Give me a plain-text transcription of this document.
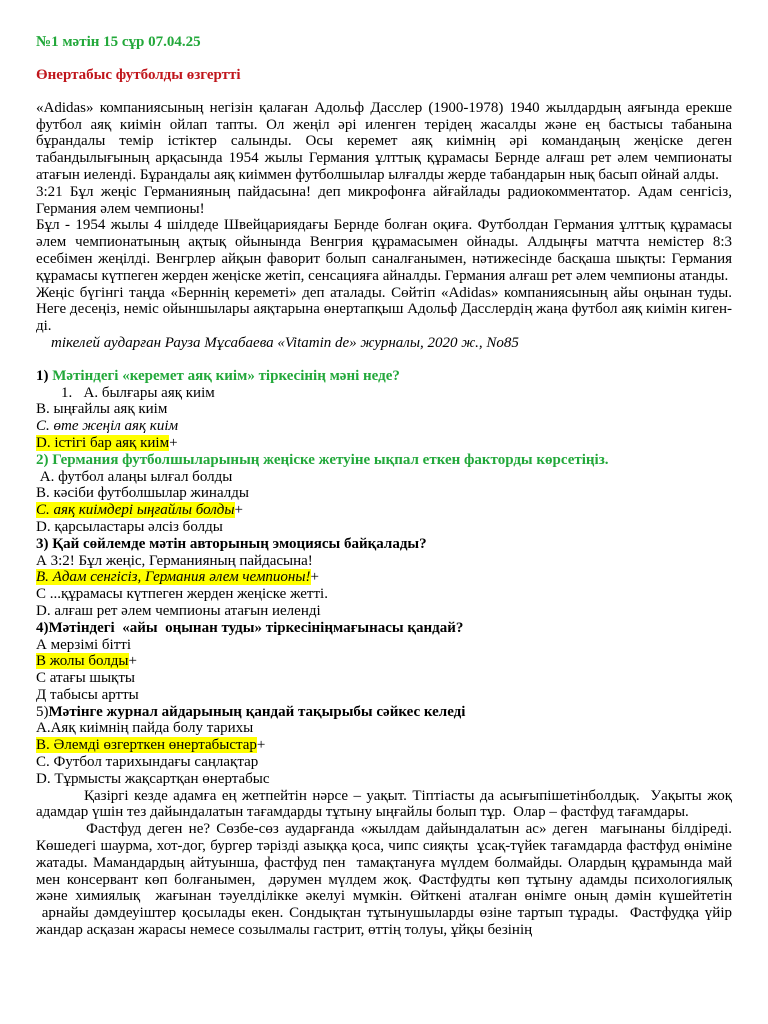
№1 мәтін 15 сұр 07.04.25

Өнертабыс футболды өзгертті

«Adidas» компаниясының негізін қалаған Адольф Дасслер (1900-1978) 1940 жылдардың аяғында ерекше футбол аяқ киімін ойлап тапты. Ол жеңіл әрі иленген терідең жасалды және ең бастысы табанына бұрандалы темір істіктер салынды. Осы керемет аяқ киімнің әрі командаңың жеңіске деген табандылығының арқасында 1954 жылы Германия ұлттық құрамасы Бернде алғаш рет әлем чемпионаты атағын иеленді. Бұрандалы аяқ киіммен футболшылар ылғалды жерде табандарын нық басып ойнай алды.

3:21 Бұл жеңіс Германияның пайдасына! деп микрофонға айғайлады радиокомментатор. Адам сенгісіз, Германия әлем чемпионы!

Бұл - 1954 жылы 4 шілдеде Швейцариядағы Бернде болған оқиға. Футболдан Германия ұлттық құрамасы әлем чемпионатының ақтық ойынында Венгрия құрамасымен ойнады. Алдыңғы матчта немістер 8:3 есебімен жеңілді. Венгрлер айқын фаворит болып саналғанымен, нәтижесінде басқаша шықты: Германия құрамасы күтпеген жерден жеңіске жетіп, сенсацияға айналды. Германия алғаш рет әлем чемпионы атанды.

Жеңіс бүгінгі таңда «Берннің кереметі» деп аталады. Сөйтіп «Adidas» компаниясының айы оңынан туды. Неге десеңіз, неміс ойыншылары аяқтарына өнертапқыш Адольф Дасслердің жаңа футбол аяқ киімін киген-ді.

тікелей аударған Рауза Мұсабаева «Vitamin de» журналы, 2020 ж., No85

1) Мәтіндегі «керемет аяқ киім» тіркесінің мәні неде?

1.   А. былғары аяқ киім

В. ыңғайлы аяқ киім

C. өте жеңіл аяқ киім

D. істігі бар аяқ киім+

2) Германия футболшыларының жеңіске жетуіне ықпал еткен факторды көрсетіңіз.

А. футбол алаңы ылғал болды

В. кәсіби футболшылар жиналды

C. аяқ киімдері ыңғайлы болды+

D. қарсыластары әлсіз болды

3) Қай сөйлемде мәтін авторының эмоциясы байқалады?

А 3:2! Бұл жеңіс, Германияның пайдасына!

В. Адам сенгісіз, Германия әлем чемпионы!+

C ...құрамасы күтпеген жерден жеңіске жетті.

D. алғаш рет әлем чемпионы атағын иеленді

4)Мәтіндегі  «айы  оңынан туды» тіркесініңмағынасы қандай?

А мерзімі бітті

В жолы болды+

С атағы шықты

Д табысы артты

5)Мәтінге журнал айдарының қандай тақырыбы сәйкес келеді

А.Аяқ киімнің пайда болу тарихы

В. Әлемді өзгерткен өнертабыстар+

С. Футбол тарихындағы саңлақтар

D. Тұрмысты жақсартқан өнертабыс

Қазіргі кезде адамға ең жетпейтін нәрсе – уақыт. Тіптіасты да асығыпішетінболдық.  Уақыты жоқ адамдар үшін тез дайындалатын тағамдарды тұтыну ыңғайлы болып тұр.  Олар – фастфуд тағамдары.

Фастфуд деген не? Сөзбе-сөз аударғанда «жылдам дайындалатын ас» деген  мағынаны білдіреді. Көшедегі шаурма, хот-дог, бургер тәрізді азыққа қоса, чипс сияқты  ұсақ-түйек тағамдарда фастфуд өніміне жатады. Мамандардың айтуынша, фастфуд пен  тамақтануға мүлдем болмайды. Олардың құрамында май мен консервант көп болғанымен,  дәрумен мүлдем жоқ. Фастфудты көп тұтыну адамды психологиялық және химиялық  жағынан тәуелділікке әкелуі мүмкін. Өйткені аталған өнімге оның дәмін күшейтетін  арнайы дәмдеуіштер қосылады екен. Сондықтан тұтынушыларды өзіне тартып тұрады.  Фастфудқа үйір жандар асқазан жарасы немесе созылмалы гастрит, өттің толуы, ұйқы безінің
